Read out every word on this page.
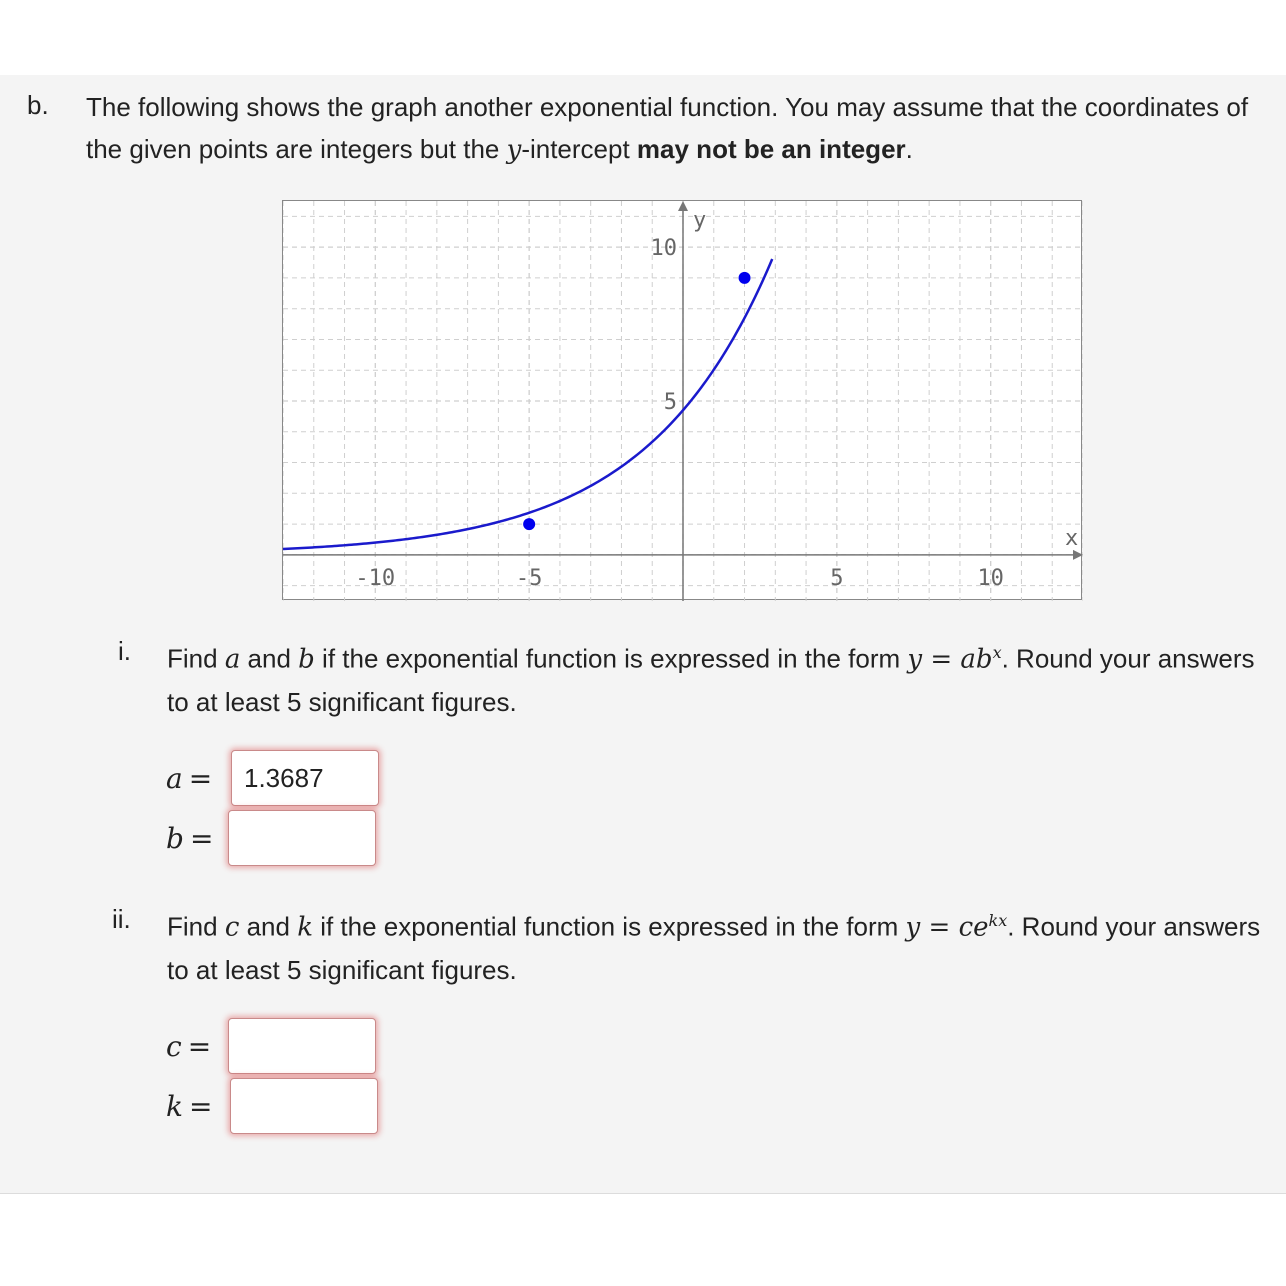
b. The following shows the graph another exponential function. You may assume that the coordinates of the given points are integers but the y-intercept may not be an integer.
x
y
-10	-5	5	10
10
5
i. Find a and b if the exponential function is expressed in the form $y = ab^x$. Round your answers to at least 5 significant figures.
a =
1.3687
b =
ii. Find c and k if the exponential function is expressed in the form $y = ce^{kx}$. Round your answers to at least 5 significant figures.
c =
k =
